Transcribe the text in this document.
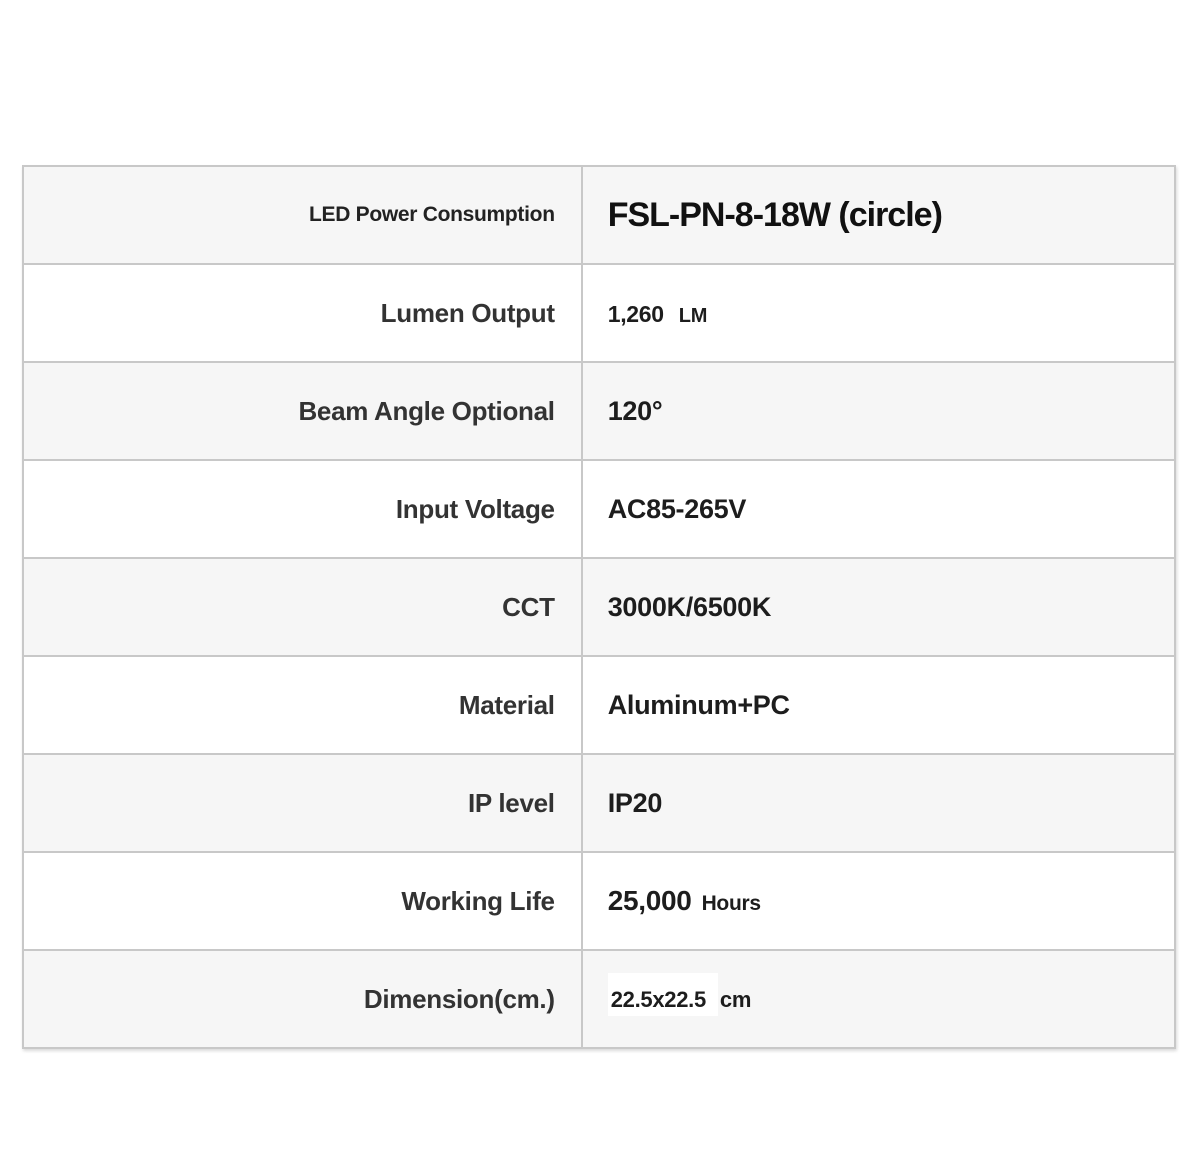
LED Power Consumption	FSL-PN-8-18W (circle)
Lumen Output	1,260 LM
Beam Angle Optional	120°
Input Voltage	AC85-265V
CCT	3000K/6500K
Material	Aluminum+PC
IP level	IP20
Working Life	25,000 Hours
Dimension(cm.)	22.5x22.5 cm
